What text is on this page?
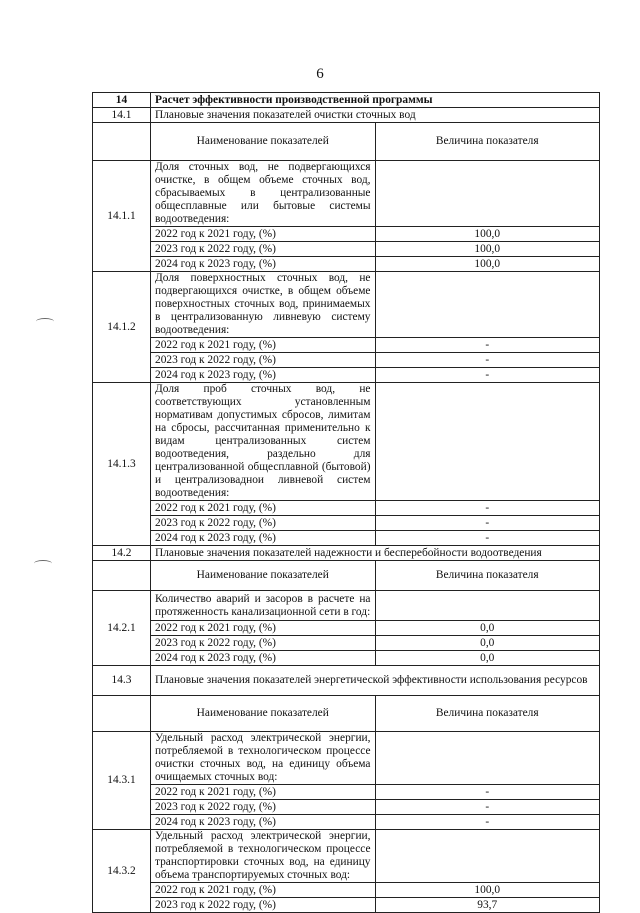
6
14	Расчет эффективности производственной программы	
14.1	Плановые значения показателей очистки сточных вод	
	Наименование показателей	Величина показателя
14.1.1	Доля сточных вод, не подвергающихся очистке, в общем объеме сточных вод, сбрасываемых в централизованные общесплавные или бытовые системы водоотведения:	
	2022 год к 2021 году, (%)	100,0
	2023 год к 2022 году, (%)	100,0
	2024 год к 2023 году, (%)	100,0
14.1.2	Доля поверхностных сточных вод, не подвергающихся очистке, в общем объеме поверхностных сточных вод, принимаемых в централизованную ливневую систему водоотведения:	
	2022 год к 2021 году, (%)	-
	2023 год к 2022 году, (%)	-
	2024 год к 2023 году, (%)	-
14.1.3	Доля проб сточных вод, не соответствующих установленным нормативам допустимых сбросов, лимитам на сбросы, рассчитанная применительно к видам централизованных систем водоотведения, раздельно для централизованной общесплавной (бытовой) и централизоваднои ливневой систем водоотведения:	
	2022 год к 2021 году, (%)	-
	2023 год к 2022 году, (%)	-
	2024 год к 2023 году, (%)	-
14.2	Плановые значения показателей надежности и бесперебойности водоотведения	
	Наименование показателей	Величина показателя
14.2.1	Количество аварий и засоров в расчете на протяженность канализационной сети в год:	
	2022 год к 2021 году, (%)	0,0
	2023 год к 2022 году, (%)	0,0
	2024 год к 2023 году, (%)	0,0
14.3	Плановые значения показателей энергетической эффективности использования ресурсов	
	Наименование показателей	Величина показателя
14.3.1	Удельный расход электрической энергии, потребляемой в технологическом процессе очистки сточных вод, на единицу объема очищаемых сточных вод:	
	2022 год к 2021 году, (%)	-
	2023 год к 2022 году, (%)	-
	2024 год к 2023 году, (%)	-
14.3.2	Удельный расход электрической энергии, потребляемой в технологическом процессе транспортировки сточных вод, на единицу объема транспортируемых сточных вод:	
	2022 год к 2021 году, (%)	100,0
	2023 год к 2022 году, (%)	93,7
